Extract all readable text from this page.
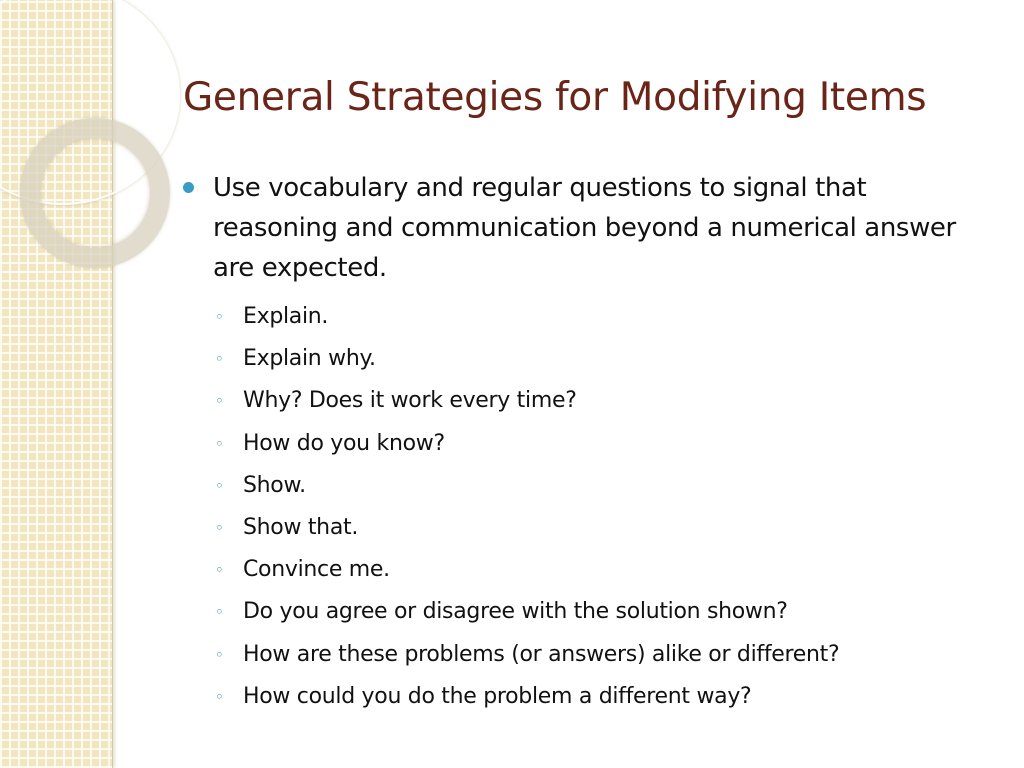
General Strategies for Modifying Items
Use vocabulary and regular questions to signal that reasoning and communication beyond a numerical answer are expected.
◦ Explain.
◦ Explain why.
◦ Why? Does it work every time?
◦ How do you know?
◦ Show.
◦ Show that.
◦ Convince me.
◦ Do you agree or disagree with the solution shown?
◦ How are these problems (or answers) alike or different?
◦ How could you do the problem a different way?
